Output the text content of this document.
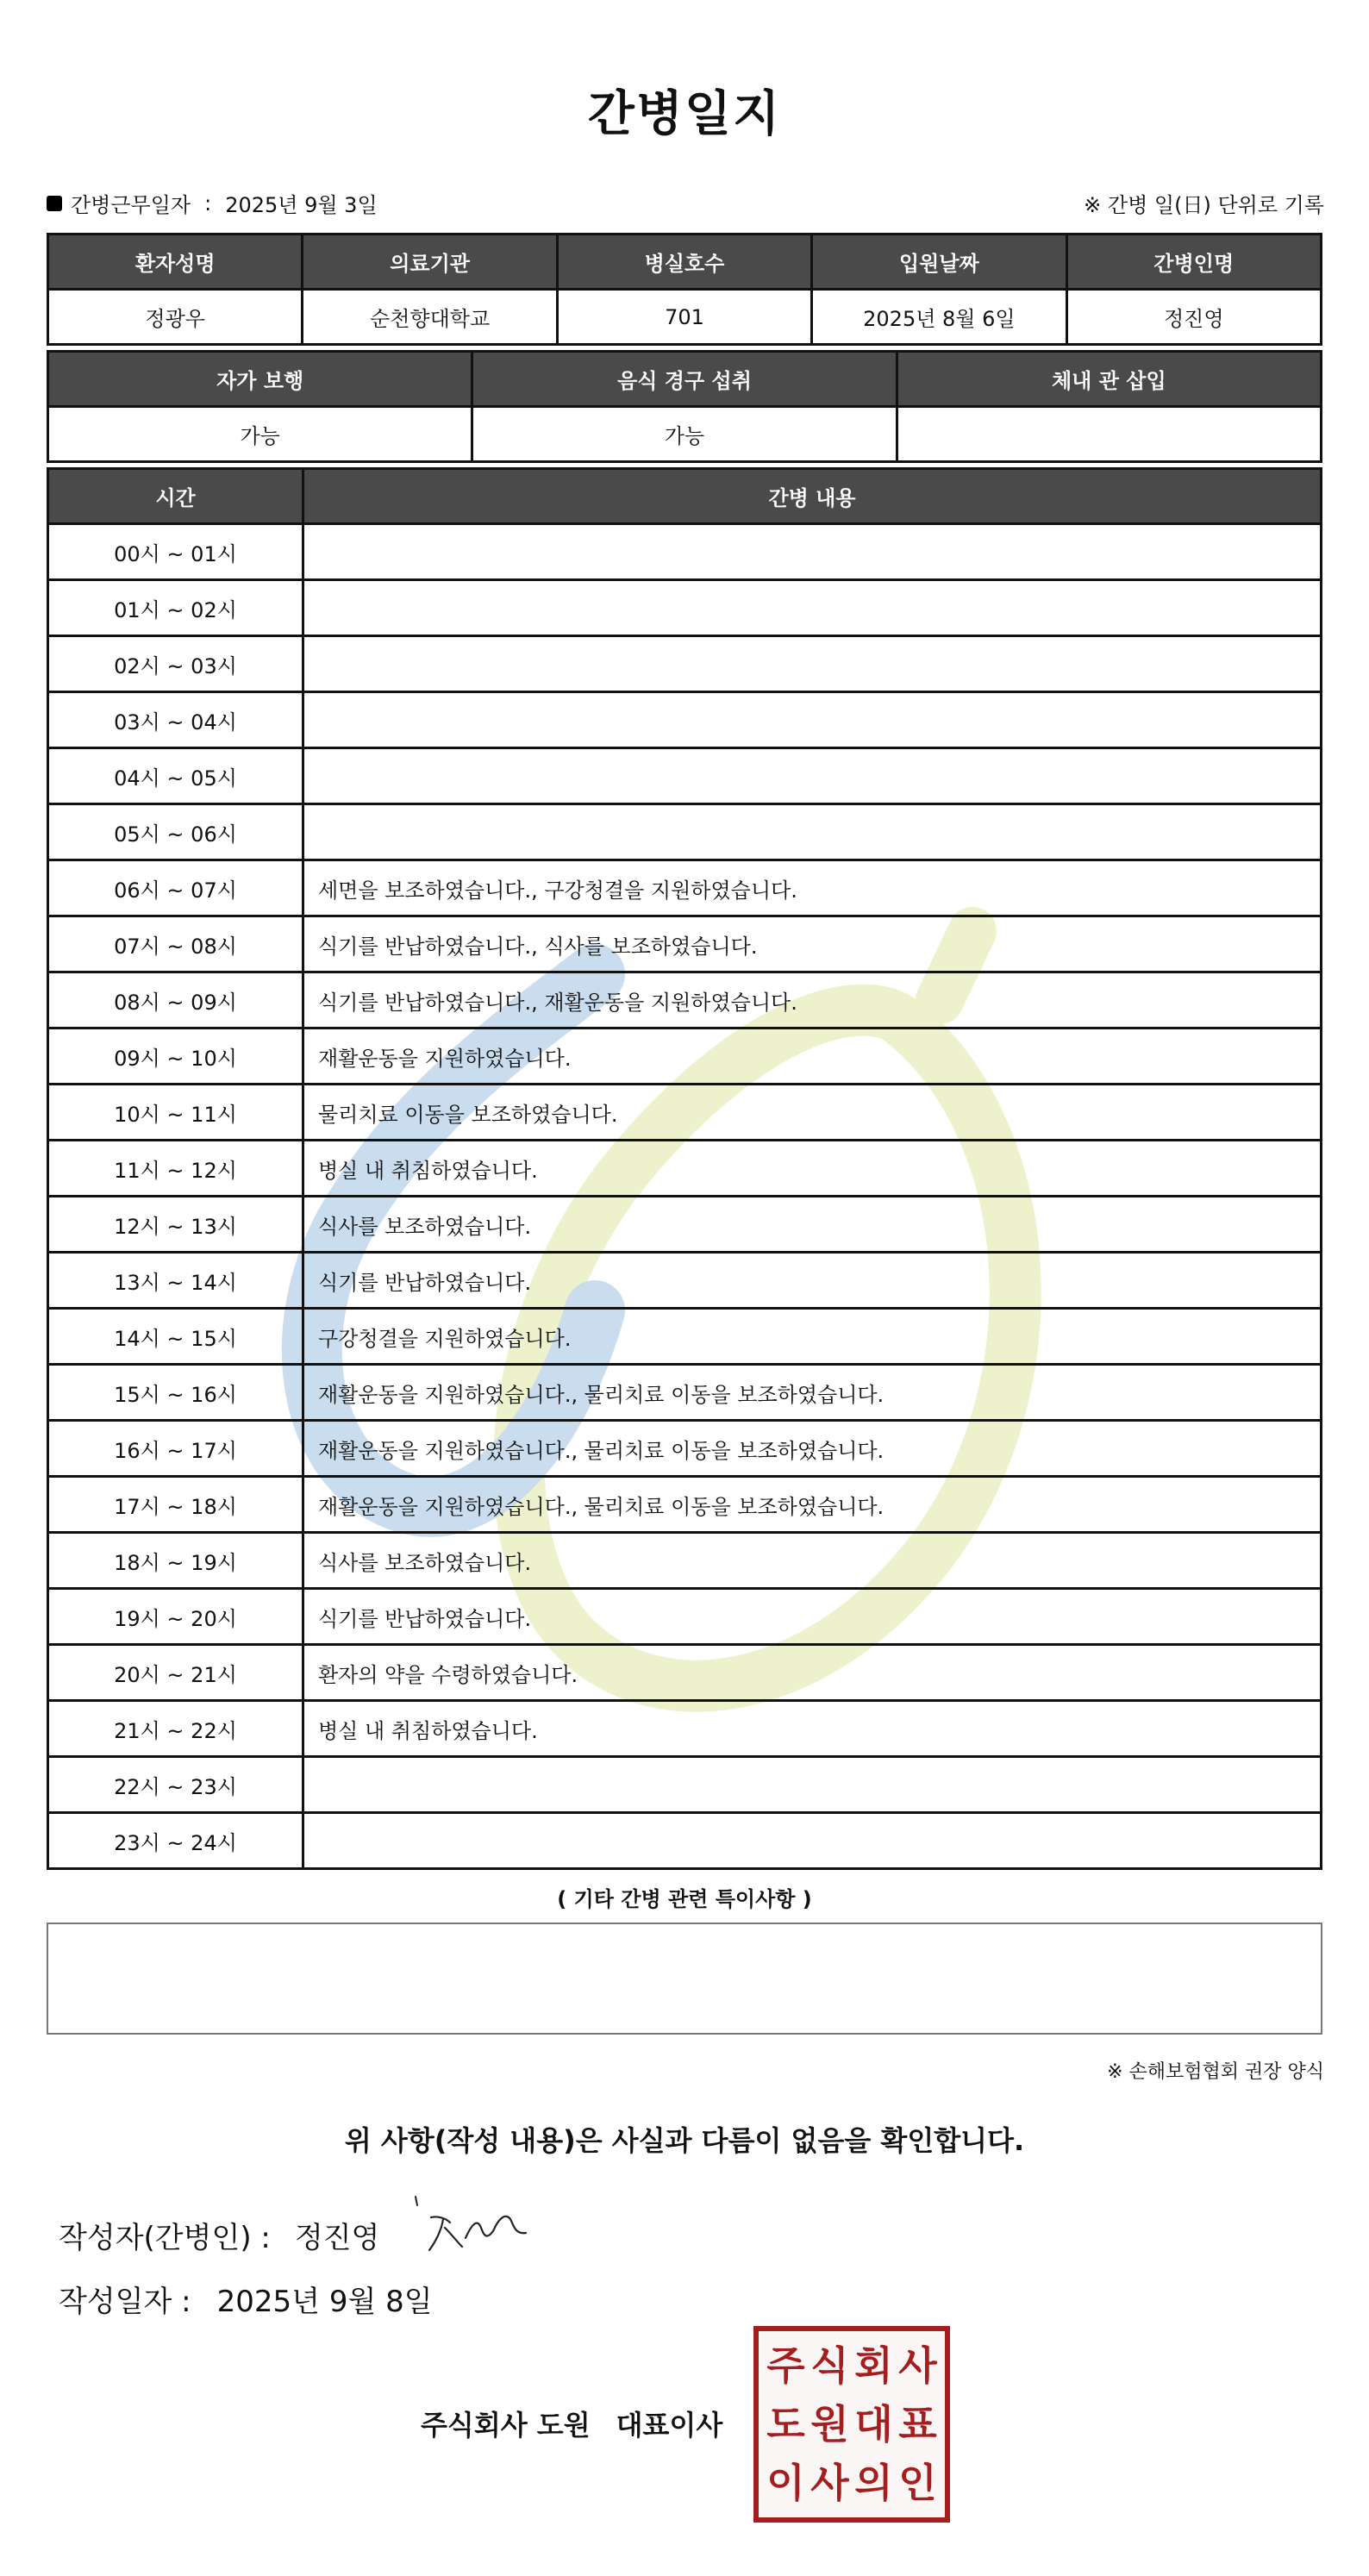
간병일지
간병근무일자 : 2025년 9월 3일	※ 간병 일(日) 단위로 기록
환자성명	의료기관	병실호수	입원날짜	간병인명
정광우	순천향대학교	701	2025년 8월 6일	정진영
자가 보행	음식 경구 섭취	체내 관 삽입
가능	가능	
시간	간병 내용
00시 ~ 01시	
01시 ~ 02시	
02시 ~ 03시	
03시 ~ 04시	
04시 ~ 05시	
05시 ~ 06시	
06시 ~ 07시	세면을 보조하였습니다., 구강청결을 지원하였습니다.
07시 ~ 08시	식기를 반납하였습니다., 식사를 보조하였습니다.
08시 ~ 09시	식기를 반납하였습니다., 재활운동을 지원하였습니다.
09시 ~ 10시	재활운동을 지원하였습니다.
10시 ~ 11시	물리치료 이동을 보조하였습니다.
11시 ~ 12시	병실 내 취침하였습니다.
12시 ~ 13시	식사를 보조하였습니다.
13시 ~ 14시	식기를 반납하였습니다.
14시 ~ 15시	구강청결을 지원하였습니다.
15시 ~ 16시	재활운동을 지원하였습니다., 물리치료 이동을 보조하였습니다.
16시 ~ 17시	재활운동을 지원하였습니다., 물리치료 이동을 보조하였습니다.
17시 ~ 18시	재활운동을 지원하였습니다., 물리치료 이동을 보조하였습니다.
18시 ~ 19시	식사를 보조하였습니다.
19시 ~ 20시	식기를 반납하였습니다.
20시 ~ 21시	환자의 약을 수령하였습니다.
21시 ~ 22시	병실 내 취침하였습니다.
22시 ~ 23시	
23시 ~ 24시	
( 기타 간병 관련 특이사항 )
※ 손해보험협회 권장 양식
위 사항(작성 내용)은 사실과 다름이 없음을 확인합니다.
작성자(간병인) : 정진영
작성일자 : 2025년 9월 8일
주식회사 도원 대표이사
주 식 회 사
도 원 대 표
이 사 의 인
